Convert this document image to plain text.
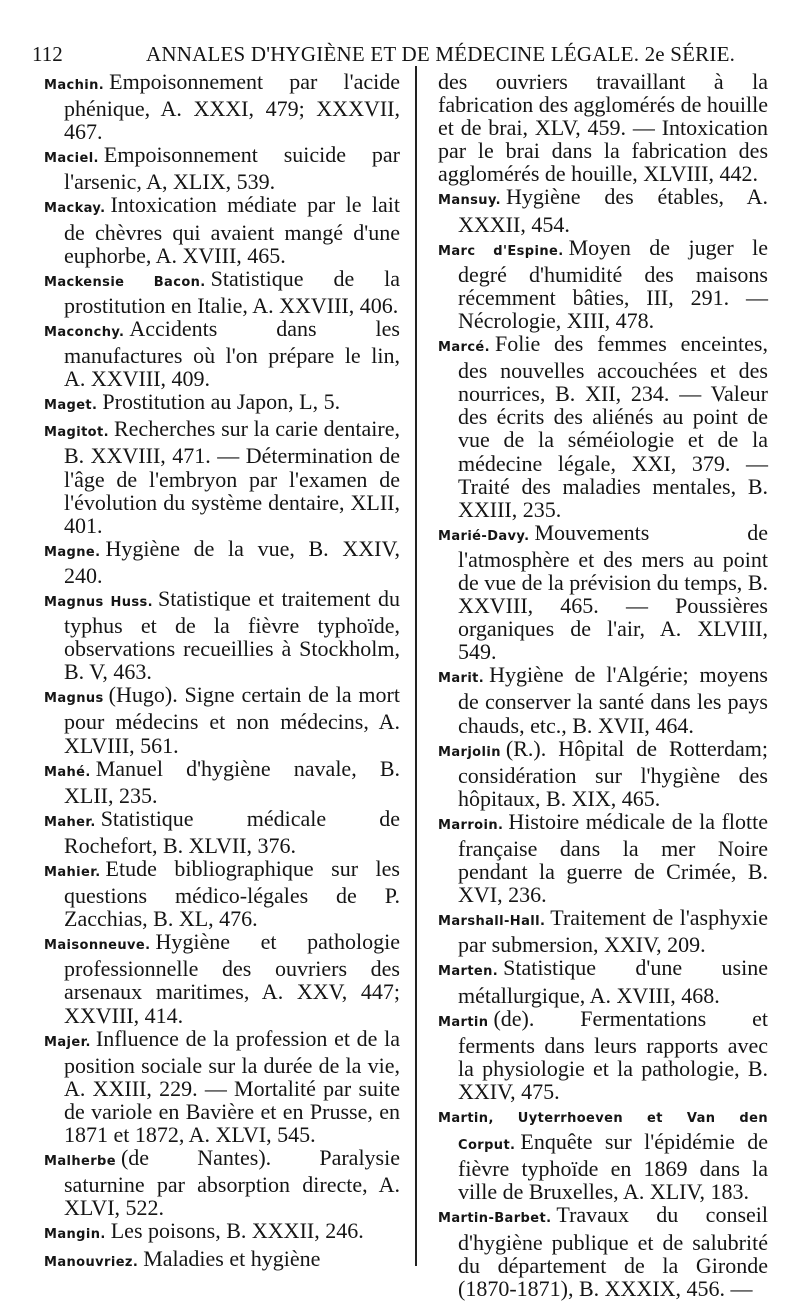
112	ANNALES D'HYGIÈNE ET DE MÉDECINE LÉGALE. 2e SÉRIE.

Machin. Empoisonnement par l'acide phénique, A. XXXI, 479; XXXVII, 467.

Maciel. Empoisonnement suicide par l'arsenic, A, XLIX, 539.

Mackay. Intoxication médiate par le lait de chèvres qui avaient mangé d'une euphorbe, A. XVIII, 465.

Mackensie Bacon. Statistique de la prostitution en Italie, A. XXVIII, 406.

Maconchy. Accidents dans les manufactures où l'on prépare le lin, A. XXVIII, 409.

Maget. Prostitution au Japon, L, 5.

Magitot. Recherches sur la carie dentaire, B. XXVIII, 471. — Détermination de l'âge de l'embryon par l'examen de l'évolution du système dentaire, XLII, 401.

Magne. Hygiène de la vue, B. XXIV, 240.

Magnus Huss. Statistique et traitement du typhus et de la fièvre typhoïde, observations recueillies à Stockholm, B. V, 463.

Magnus (Hugo). Signe certain de la mort pour médecins et non médecins, A. XLVIII, 561.

Mahé. Manuel d'hygiène navale, B. XLII, 235.

Maher. Statistique médicale de Rochefort, B. XLVII, 376.

Mahier. Etude bibliographique sur les questions médico-légales de P. Zacchias, B. XL, 476.

Maisonneuve. Hygiène et pathologie professionnelle des ouvriers des arsenaux maritimes, A. XXV, 447; XXVIII, 414.

Majer. Influence de la profession et de la position sociale sur la durée de la vie, A. XXIII, 229. — Mortalité par suite de variole en Bavière et en Prusse, en 1871 et 1872, A. XLVI, 545.

Malherbe (de Nantes). Paralysie saturnine par absorption directe, A. XLVI, 522.

Mangin. Les poisons, B. XXXII, 246.

Manouvriez. Maladies et hygiène

des ouvriers travaillant à la fabrication des agglomérés de houille et de brai, XLV, 459. — Intoxication par le brai dans la fabrication des agglomérés de houille, XLVIII, 442.

Mansuy. Hygiène des étables, A. XXXII, 454.

Marc d'Espine. Moyen de juger le degré d'humidité des maisons récemment bâties, III, 291. — Nécrologie, XIII, 478.

Marcé. Folie des femmes enceintes, des nouvelles accouchées et des nourrices, B. XII, 234. — Valeur des écrits des aliénés au point de vue de la séméiologie et de la médecine légale, XXI, 379. — Traité des maladies mentales, B. XXIII, 235.

Marié-Davy. Mouvements de l'atmosphère et des mers au point de vue de la prévision du temps, B. XXVIII, 465. — Poussières organiques de l'air, A. XLVIII, 549.

Marit. Hygiène de l'Algérie; moyens de conserver la santé dans les pays chauds, etc., B. XVII, 464.

Marjolin (R.). Hôpital de Rotterdam; considération sur l'hygiène des hôpitaux, B. XIX, 465.

Marroin. Histoire médicale de la flotte française dans la mer Noire pendant la guerre de Crimée, B. XVI, 236.

Marshall-Hall. Traitement de l'asphyxie par submersion, XXIV, 209.

Marten. Statistique d'une usine métallurgique, A. XVIII, 468.

Martin (de). Fermentations et ferments dans leurs rapports avec la physiologie et la pathologie, B. XXIV, 475.

Martin, Uyterrhoeven et Van den Corput. Enquête sur l'épidémie de fièvre typhoïde en 1869 dans la ville de Bruxelles, A. XLIV, 183.

Martin-Barbet. Travaux du conseil d'hygiène publique et de salubrité du département de la Gironde (1870-1871), B. XXXIX, 456. —
